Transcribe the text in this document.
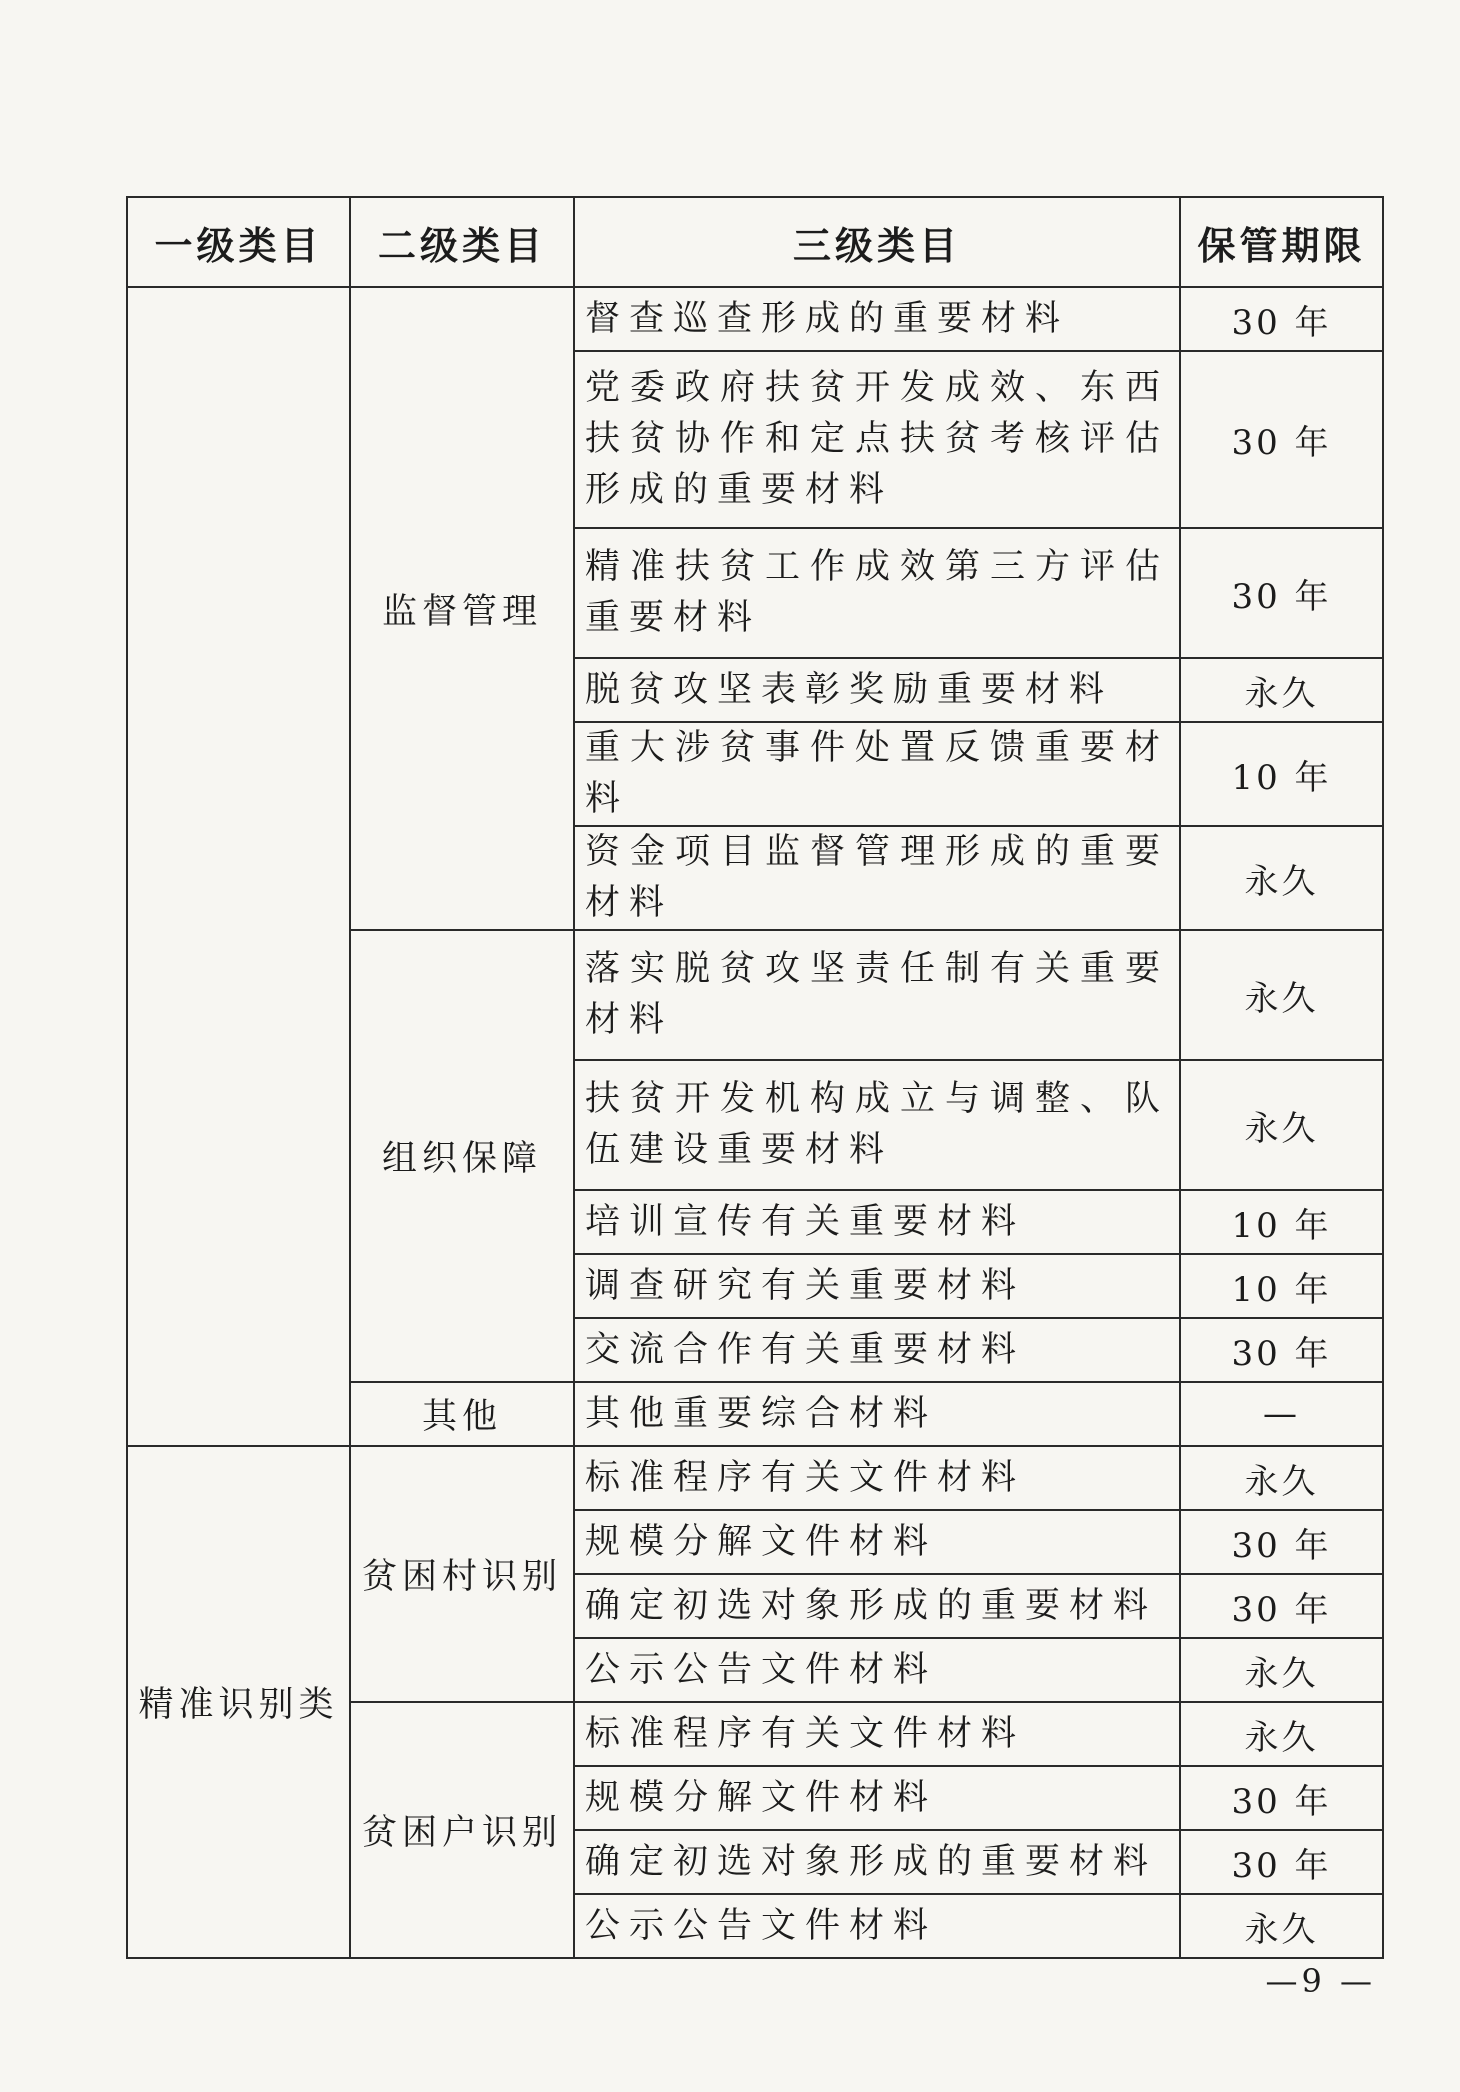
一级类目	二级类目	三级类目	保管期限
	监督管理	督查巡查形成的重要材料	30 年
		党委政府扶贫开发成效、东西扶贫协作和定点扶贫考核评估形成的重要材料	30 年
		精准扶贫工作成效第三方评估重要材料	30 年
		脱贫攻坚表彰奖励重要材料	永久
		重大涉贫事件处置反馈重要材料	10 年
		资金项目监督管理形成的重要材料	永久
	组织保障	落实脱贫攻坚责任制有关重要材料	永久
		扶贫开发机构成立与调整、队伍建设重要材料	永久
		培训宣传有关重要材料	10 年
		调查研究有关重要材料	10 年
		交流合作有关重要材料	30 年
	其他	其他重要综合材料	—
精准识别类	贫困村识别	标准程序有关文件材料	永久
		规模分解文件材料	30 年
		确定初选对象形成的重要材料	30 年
		公示公告文件材料	永久
	贫困户识别	标准程序有关文件材料	永久
		规模分解文件材料	30 年
		确定初选对象形成的重要材料	30 年
		公示公告文件材料	永久
—9 —
